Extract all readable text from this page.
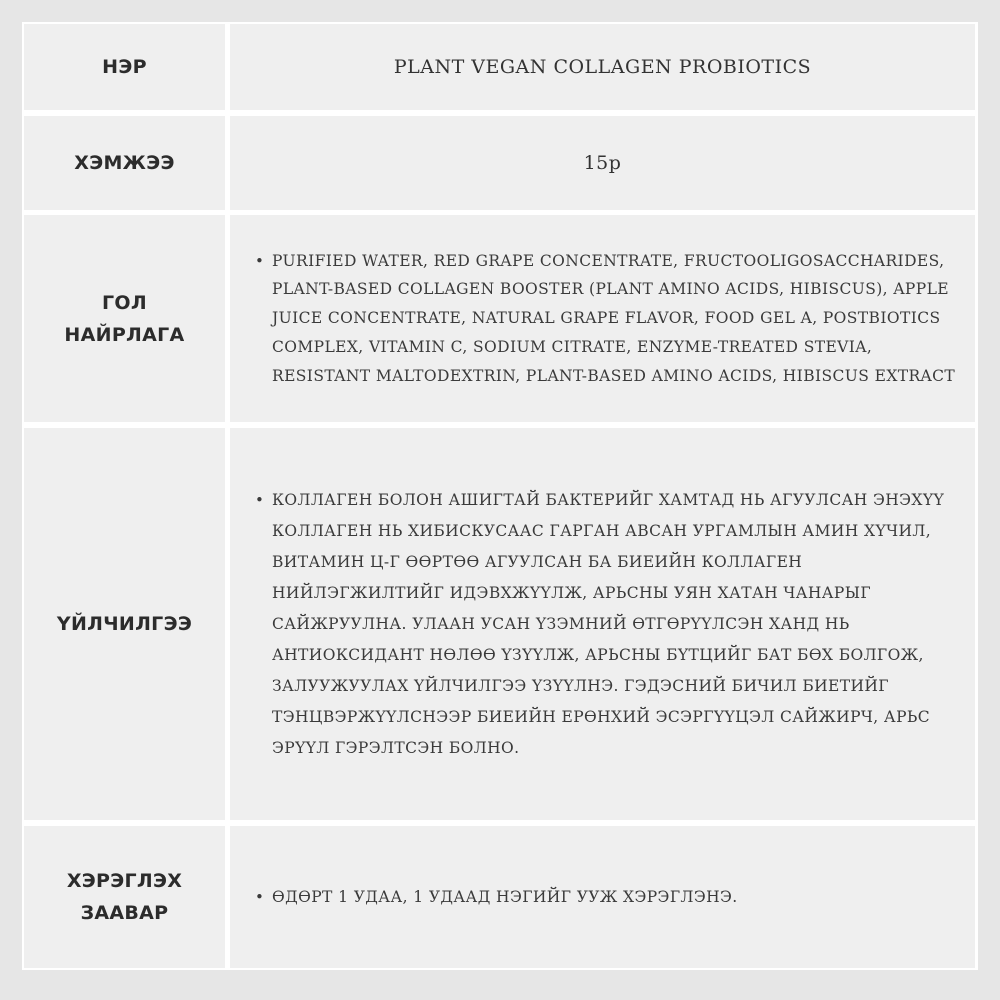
НЭР	PLANT VEGAN COLLAGEN PROBIOTICS
ХЭМЖЭЭ	15р
ГОЛ
НАЙРЛАГА
• PURIFIED WATER, RED GRAPE CONCENTRATE, FRUCTOOLIGOSACCHARIDES, PLANT-BASED COLLAGEN BOOSTER (PLANT AMINO ACIDS, HIBISCUS), APPLE JUICE CONCENTRATE, NATURAL GRAPE FLAVOR, FOOD GEL A, POSTBIOTICS COMPLEX, VITAMIN C, SODIUM CITRATE, ENZYME-TREATED STEVIA, RESISTANT MALTODEXTRIN, PLANT-BASED AMINO ACIDS, HIBISCUS EXTRACT
ҮЙЛЧИЛГЭЭ
• КОЛЛАГЕН БОЛОН АШИГТАЙ БАКТЕРИЙГ ХАМТАД НЬ АГУУЛСАН ЭНЭХҮҮ КОЛЛАГЕН НЬ ХИБИСКУСААС ГАРГАН АВСАН УРГАМЛЫН АМИН ХҮЧИЛ, ВИТАМИН Ц-Г ӨӨРТӨӨ АГУУЛСАН БА БИЕИЙН КОЛЛАГЕН НИЙЛЭГЖИЛТИЙГ ИДЭВХЖҮҮЛЖ, АРЬСНЫ УЯН ХАТАН ЧАНАРЫГ САЙЖРУУЛНА. УЛААН УСАН ҮЗЭМНИЙ ӨТГӨРҮҮЛСЭН ХАНД НЬ АНТИОКСИДАНТ НӨЛӨӨ ҮЗҮҮЛЖ, АРЬСНЫ БҮТЦИЙГ БАТ БӨХ БОЛГОЖ, ЗАЛУУЖУУЛАХ ҮЙЛЧИЛГЭЭ ҮЗҮҮЛНЭ. ГЭДЭСНИЙ БИЧИЛ БИЕТИЙГ ТЭНЦВЭРЖҮҮЛСНЭЭР БИЕИЙН ЕРӨНХИЙ ЭСЭРГҮҮЦЭЛ САЙЖИРЧ, АРЬС ЭРҮҮЛ ГЭРЭЛТСЭН БОЛНО.
ХЭРЭГЛЭХ
ЗААВАР
• ӨДӨРТ 1 УДАА, 1 УДААД НЭГИЙГ УУЖ ХЭРЭГЛЭНЭ.
